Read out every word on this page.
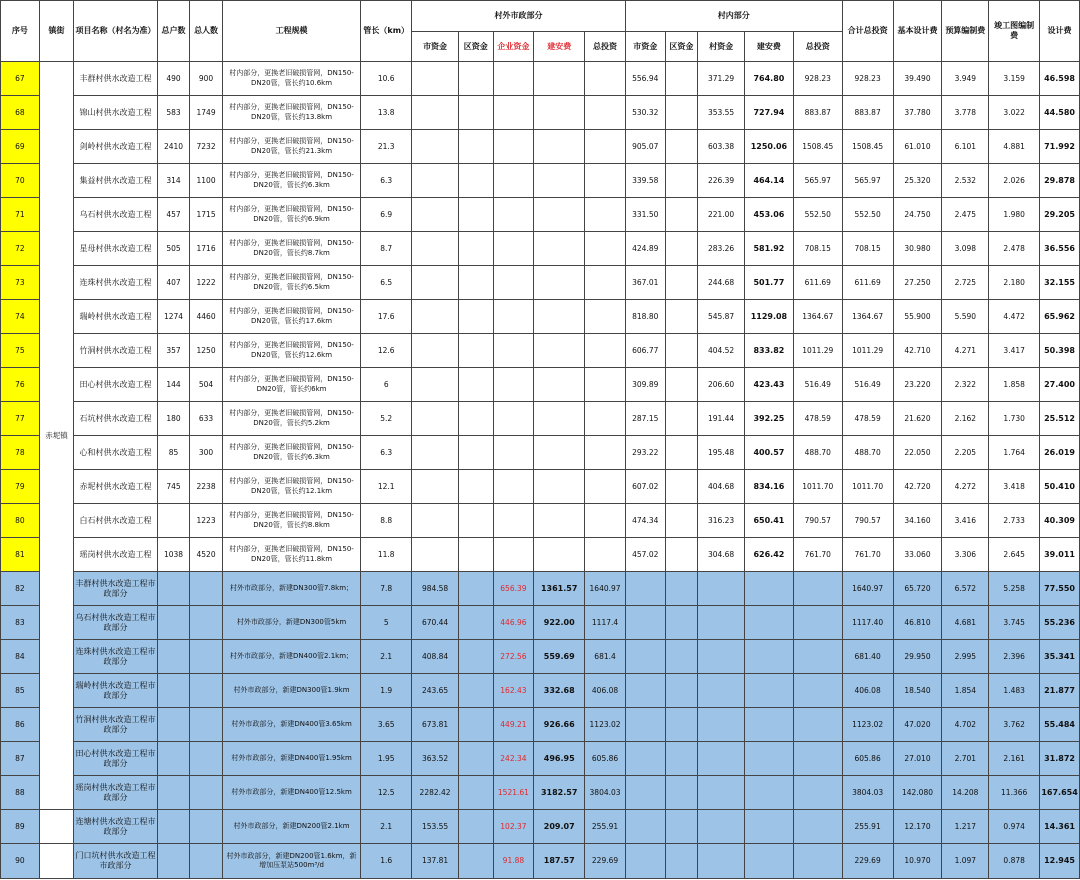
序号	镇街	项目名称（村名为准）	总户数	总人数	工程规模	管长（km）	村外市政部分					村内部分					合计总投资	基本设计费	预算编制费	竣工图编制费	设计费
							市资金	区资金	企业资金	建安费	总投资	市资金	区资金	村资金	建安费	总投资					
67	赤坭镇	丰群村供水改造工程	490	900	村内部分，更换老旧破损管网，DN150-DN20管，管长约10.6km	10.6						556.94		371.29	764.80	928.23	928.23	39.490	3.949	3.159	46.598
68		锦山村供水改造工程	583	1749	村内部分，更换老旧破损管网，DN150-DN20管，管长约13.8km	13.8						530.32		353.55	727.94	883.87	883.87	37.780	3.778	3.022	44.580
69		剑岭村供水改造工程	2410	7232	村内部分，更换老旧破损管网，DN150-DN20管，管长约21.3km	21.3						905.07		603.38	1250.06	1508.45	1508.45	61.010	6.101	4.881	71.992
70		集益村供水改造工程	314	1100	村内部分，更换老旧破损管网，DN150-DN20管，管长约6.3km	6.3						339.58		226.39	464.14	565.97	565.97	25.320	2.532	2.026	29.878
71		乌石村供水改造工程	457	1715	村内部分，更换老旧破损管网，DN150-DN20管，管长约6.9km	6.9						331.50		221.00	453.06	552.50	552.50	24.750	2.475	1.980	29.205
72		星母村供水改造工程	505	1716	村内部分，更换老旧破损管网，DN150-DN20管，管长约8.7km	8.7						424.89		283.26	581.92	708.15	708.15	30.980	3.098	2.478	36.556
73		连珠村供水改造工程	407	1222	村内部分，更换老旧破损管网，DN150-DN20管，管长约6.5km	6.5						367.01		244.68	501.77	611.69	611.69	27.250	2.725	2.180	32.155
74		瑞岭村供水改造工程	1274	4460	村内部分，更换老旧破损管网，DN150-DN20管，管长约17.6km	17.6						818.80		545.87	1129.08	1364.67	1364.67	55.900	5.590	4.472	65.962
75		竹洞村供水改造工程	357	1250	村内部分，更换老旧破损管网，DN150-DN20管，管长约12.6km	12.6						606.77		404.52	833.82	1011.29	1011.29	42.710	4.271	3.417	50.398
76		田心村供水改造工程	144	504	村内部分，更换老旧破损管网，DN150-DN20管，管长约6km	6						309.89		206.60	423.43	516.49	516.49	23.220	2.322	1.858	27.400
77		石坑村供水改造工程	180	633	村内部分，更换老旧破损管网，DN150-DN20管，管长约5.2km	5.2						287.15		191.44	392.25	478.59	478.59	21.620	2.162	1.730	25.512
78		心和村供水改造工程	85	300	村内部分，更换老旧破损管网，DN150-DN20管，管长约6.3km	6.3						293.22		195.48	400.57	488.70	488.70	22.050	2.205	1.764	26.019
79		赤坭村供水改造工程	745	2238	村内部分，更换老旧破损管网，DN150-DN20管，管长约12.1km	12.1						607.02		404.68	834.16	1011.70	1011.70	42.720	4.272	3.418	50.410
80		白石村供水改造工程		1223	村内部分，更换老旧破损管网，DN150-DN20管，管长约8.8km	8.8						474.34		316.23	650.41	790.57	790.57	34.160	3.416	2.733	40.309
81		瑶岗村供水改造工程	1038	4520	村内部分，更换老旧破损管网，DN150-DN20管，管长约11.8km	11.8						457.02		304.68	626.42	761.70	761.70	33.060	3.306	2.645	39.011
82		丰群村供水改造工程市政部分			村外市政部分，新建DN300管7.8km；	7.8	984.58		656.39	1361.57	1640.97						1640.97	65.720	6.572	5.258	77.550
83		乌石村供水改造工程市政部分			村外市政部分，新建DN300管5km	5	670.44		446.96	922.00	1117.4						1117.40	46.810	4.681	3.745	55.236
84		连珠村供水改造工程市政部分			村外市政部分，新建DN400管2.1km；	2.1	408.84		272.56	559.69	681.4						681.40	29.950	2.995	2.396	35.341
85		瑞岭村供水改造工程市政部分			村外市政部分，新建DN300管1.9km	1.9	243.65		162.43	332.68	406.08						406.08	18.540	1.854	1.483	21.877
86		竹洞村供水改造工程市政部分			村外市政部分，新建DN400管3.65km	3.65	673.81		449.21	926.66	1123.02						1123.02	47.020	4.702	3.762	55.484
87		田心村供水改造工程市政部分			村外市政部分，新建DN400管1.95km	1.95	363.52		242.34	496.95	605.86						605.86	27.010	2.701	2.161	31.872
88		瑶岗村供水改造工程市政部分			村外市政部分，新建DN400管12.5km	12.5	2282.42		1521.61	3182.57	3804.03						3804.03	142.080	14.208	11.366	167.654
89		连塘村供水改造工程市政部分			村外市政部分，新建DN200管2.1km	2.1	153.55		102.37	209.07	255.91						255.91	12.170	1.217	0.974	14.361
90		门口坑村供水改造工程市政部分			村外市政部分，新建DN200管1.6km，新增加压泵站500m³/d	1.6	137.81		91.88	187.57	229.69						229.69	10.970	1.097	0.878	12.945
